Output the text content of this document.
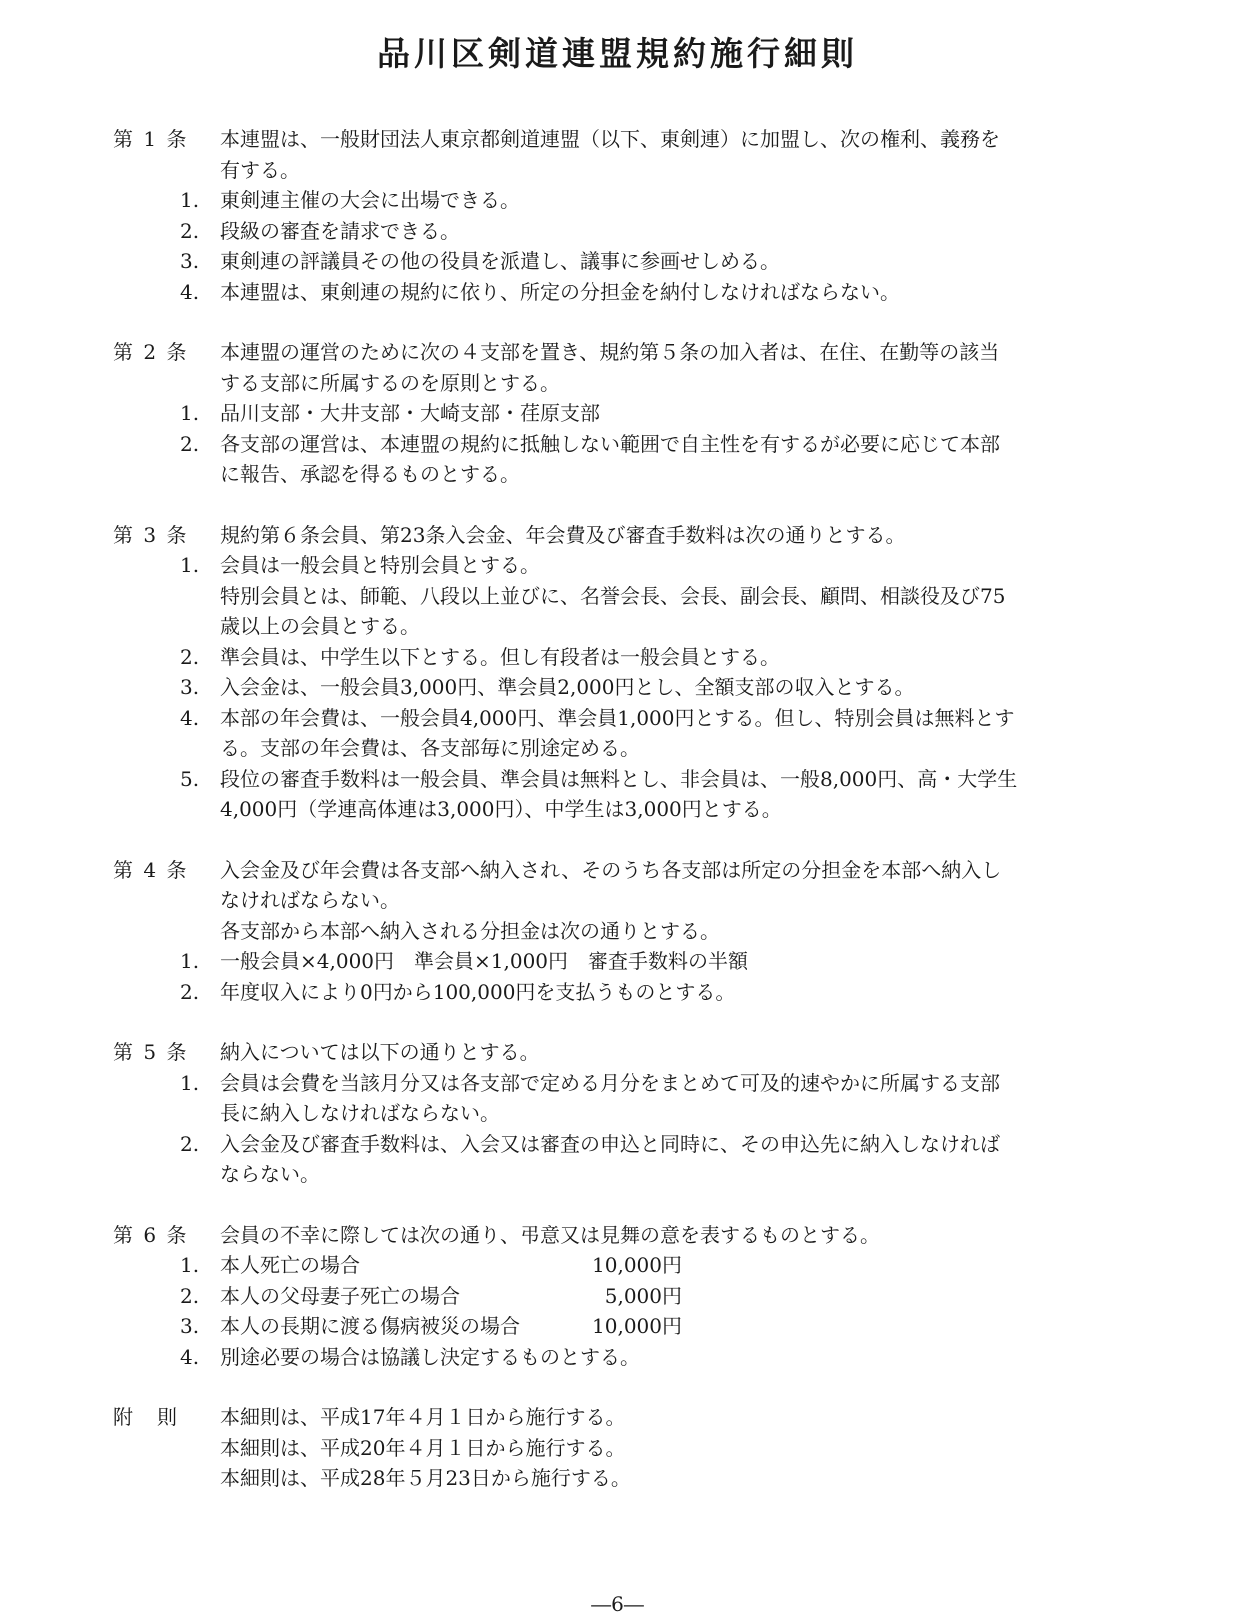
品川区剣道連盟規約施行細則
第 1 条 本連盟は、一般財団法人東京都剣道連盟（以下、東剣連）に加盟し、次の権利、義務を
有する。
1. 東剣連主催の大会に出場できる。
2. 段級の審査を請求できる。
3. 東剣連の評議員その他の役員を派遣し、議事に参画せしめる。
4. 本連盟は、東剣連の規約に依り、所定の分担金を納付しなければならない。
第 2 条 本連盟の運営のために次の４支部を置き、規約第５条の加入者は、在住、在勤等の該当
する支部に所属するのを原則とする。
1. 品川支部・大井支部・大崎支部・荏原支部
2. 各支部の運営は、本連盟の規約に抵触しない範囲で自主性を有するが必要に応じて本部
に報告、承認を得るものとする。
第 3 条 規約第６条会員、第23条入会金、年会費及び審査手数料は次の通りとする。
1. 会員は一般会員と特別会員とする。
特別会員とは、師範、八段以上並びに、名誉会長、会長、副会長、顧問、相談役及び75
歳以上の会員とする。
2. 準会員は、中学生以下とする。但し有段者は一般会員とする。
3. 入会金は、一般会員3,000円、準会員2,000円とし、全額支部の収入とする。
4. 本部の年会費は、一般会員4,000円、準会員1,000円とする。但し、特別会員は無料とす
る。支部の年会費は、各支部毎に別途定める。
5. 段位の審査手数料は一般会員、準会員は無料とし、非会員は、一般8,000円、高・大学生
4,000円（学連高体連は3,000円）、中学生は3,000円とする。
第 4 条 入会金及び年会費は各支部へ納入され、そのうち各支部は所定の分担金を本部へ納入し
なければならない。
各支部から本部へ納入される分担金は次の通りとする。
1. 一般会員×4,000円　準会員×1,000円　審査手数料の半額
2. 年度収入により0円から100,000円を支払うものとする。
第 5 条 納入については以下の通りとする。
1. 会員は会費を当該月分又は各支部で定める月分をまとめて可及的速やかに所属する支部
長に納入しなければならない。
2. 入会金及び審査手数料は、入会又は審査の申込と同時に、その申込先に納入しなければ
ならない。
第 6 条 会員の不幸に際しては次の通り、弔意又は見舞の意を表するものとする。
1. 本人死亡の場合	10,000円
2. 本人の父母妻子死亡の場合	5,000円
3. 本人の長期に渡る傷病被災の場合	10,000円
4. 別途必要の場合は協議し決定するものとする。
附　則 本細則は、平成17年４月１日から施行する。
本細則は、平成20年４月１日から施行する。
本細則は、平成28年５月23日から施行する。
―6―
